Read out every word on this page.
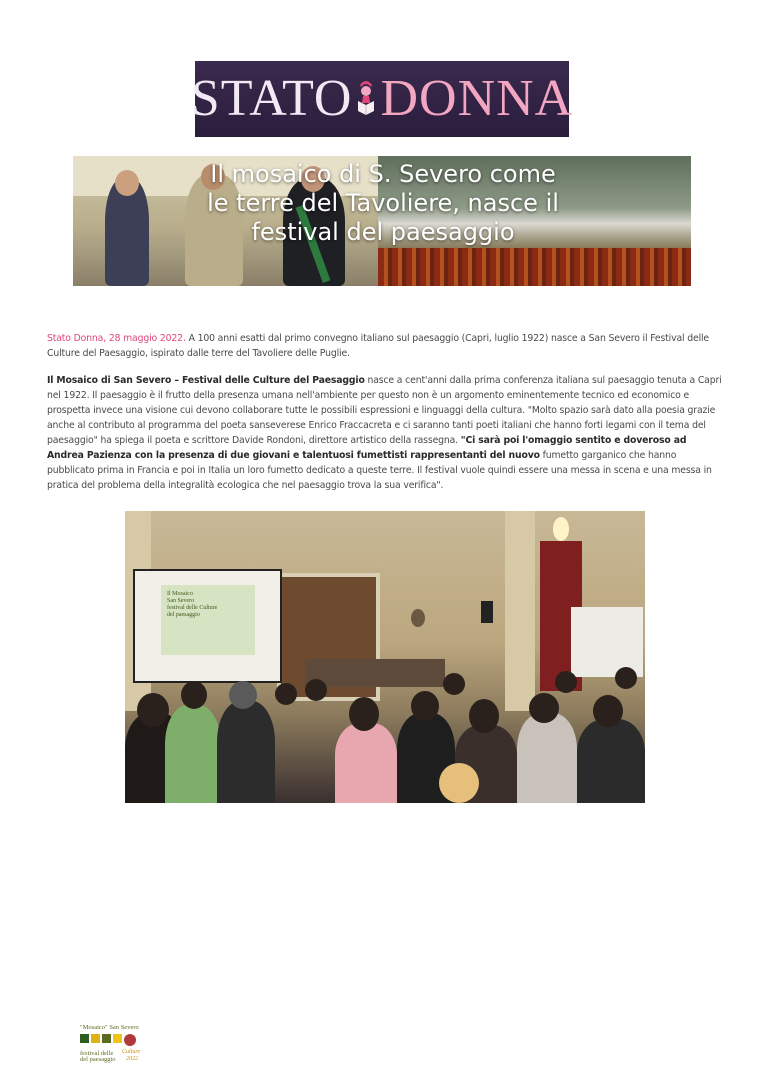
STATO DONNA
Il mosaico di S. Severo come
le terre del Tavoliere, nasce il
festival del paesaggio

Stato Donna, 28 maggio 2022. A 100 anni esatti dal primo convegno italiano sul paesaggio (Capri, luglio 1922) nasce a San Severo il Festival delle Culture del Paesaggio, ispirato dalle terre del Tavoliere delle Puglie.

Il Mosaico di San Severo – Festival delle Culture del Paesaggio nasce a cent'anni dalla prima conferenza italiana sul paesaggio tenuta a Capri nel 1922. Il paesaggio è il frutto della presenza umana nell'ambiente per questo non è un argomento eminentemente tecnico ed economico e prospetta invece una visione cui devono collaborare tutte le possibili espressioni e linguaggi della cultura. "Molto spazio sarà dato alla poesia grazie anche al contributo al programma del poeta sanseverese Enrico Fraccacreta e ci saranno tanti poeti italiani che hanno forti legami con il tema del paesaggio" ha spiega il poeta e scrittore Davide Rondoni, direttore artistico della rassegna. "Ci sarà poi l'omaggio sentito e doveroso ad Andrea Pazienza con la presenza di due giovani e talentuosi fumettisti rappresentanti del nuovo fumetto garganico che hanno pubblicato prima in Francia e poi in Italia un loro fumetto dedicato a queste terre. Il festival vuole quindi essere una messa in scena e una messa in pratica del problema della integralità ecologica che nel paesaggio trova la sua verifica".

Il Mosaico
San Severo
festival delle Culture
del paesaggio
"Mosaico" San Severo
festival delle Culture
del paesaggio 2022
